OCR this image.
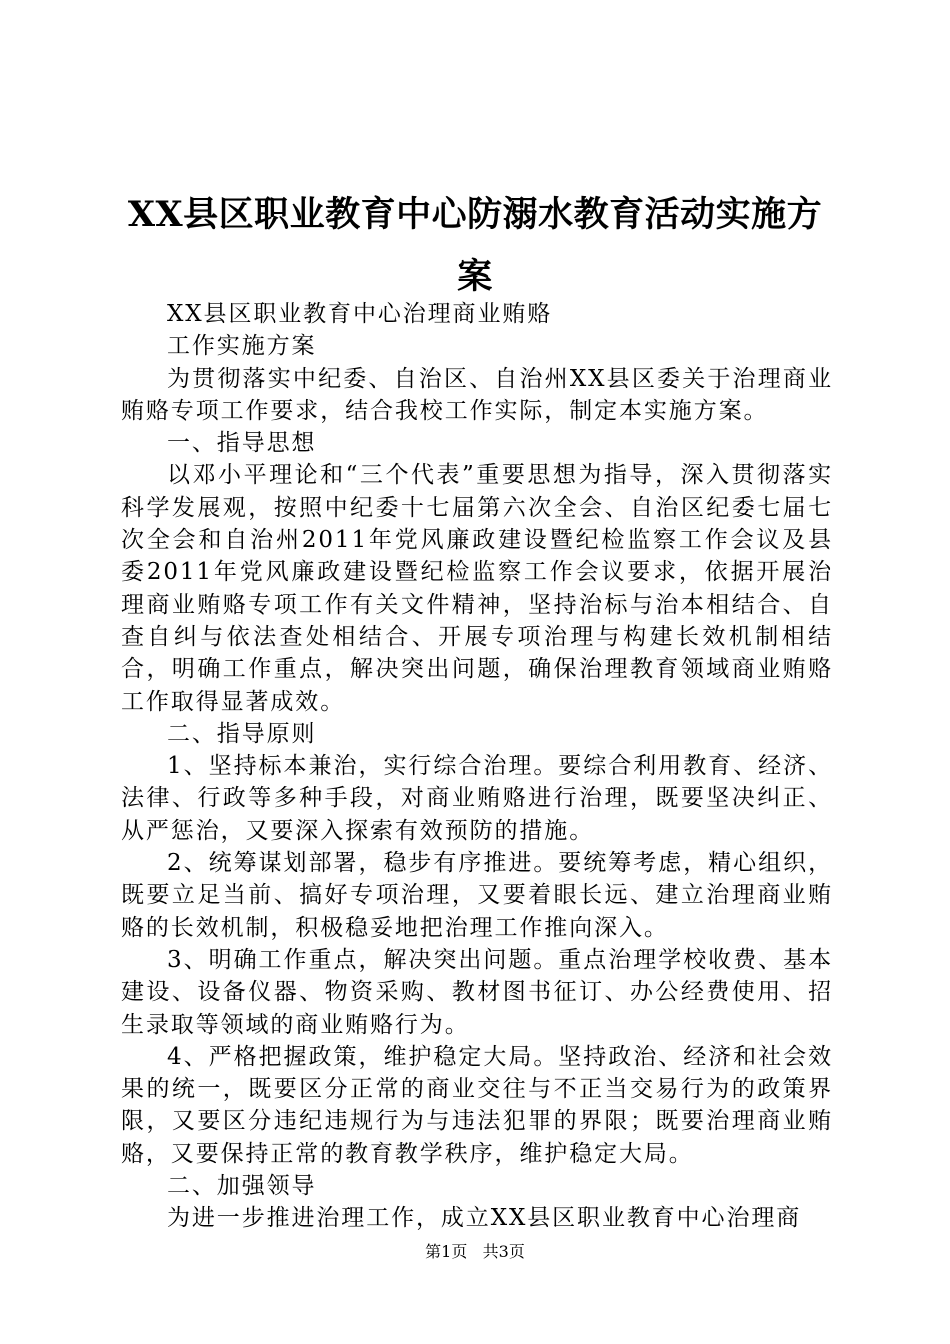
XX县区职业教育中心防溺水教育活动实施方案

XX县区职业教育中心治理商业贿赂

工作实施方案

为贯彻落实中纪委、自治区、自治州XX县区委关于治理商业贿赂专项工作要求，结合我校工作实际，制定本实施方案。

一、指导思想

以邓小平理论和“三个代表”重要思想为指导，深入贯彻落实科学发展观，按照中纪委十七届第六次全会、自治区纪委七届七次全会和自治州2011年党风廉政建设暨纪检监察工作会议及县委2011年党风廉政建设暨纪检监察工作会议要求，依据开展治理商业贿赂专项工作有关文件精神，坚持治标与治本相结合、自查自纠与依法查处相结合、开展专项治理与构建长效机制相结合，明确工作重点，解决突出问题，确保治理教育领域商业贿赂工作取得显著成效。

二、指导原则

1、坚持标本兼治，实行综合治理。要综合利用教育、经济、法律、行政等多种手段，对商业贿赂进行治理，既要坚决纠正、从严惩治，又要深入探索有效预防的措施。

2、统筹谋划部署，稳步有序推进。要统筹考虑，精心组织，既要立足当前、搞好专项治理，又要着眼长远、建立治理商业贿赂的长效机制，积极稳妥地把治理工作推向深入。

3、明确工作重点，解决突出问题。重点治理学校收费、基本建设、设备仪器、物资采购、教材图书征订、办公经费使用、招生录取等领域的商业贿赂行为。

4、严格把握政策，维护稳定大局。坚持政治、经济和社会效果的统一，既要区分正常的商业交往与不正当交易行为的政策界限，又要区分违纪违规行为与违法犯罪的界限；既要治理商业贿赂，又要保持正常的教育教学秩序，维护稳定大局。

二、加强领导

为进一步推进治理工作，成立XX县区职业教育中心治理商

第1页 共3页
